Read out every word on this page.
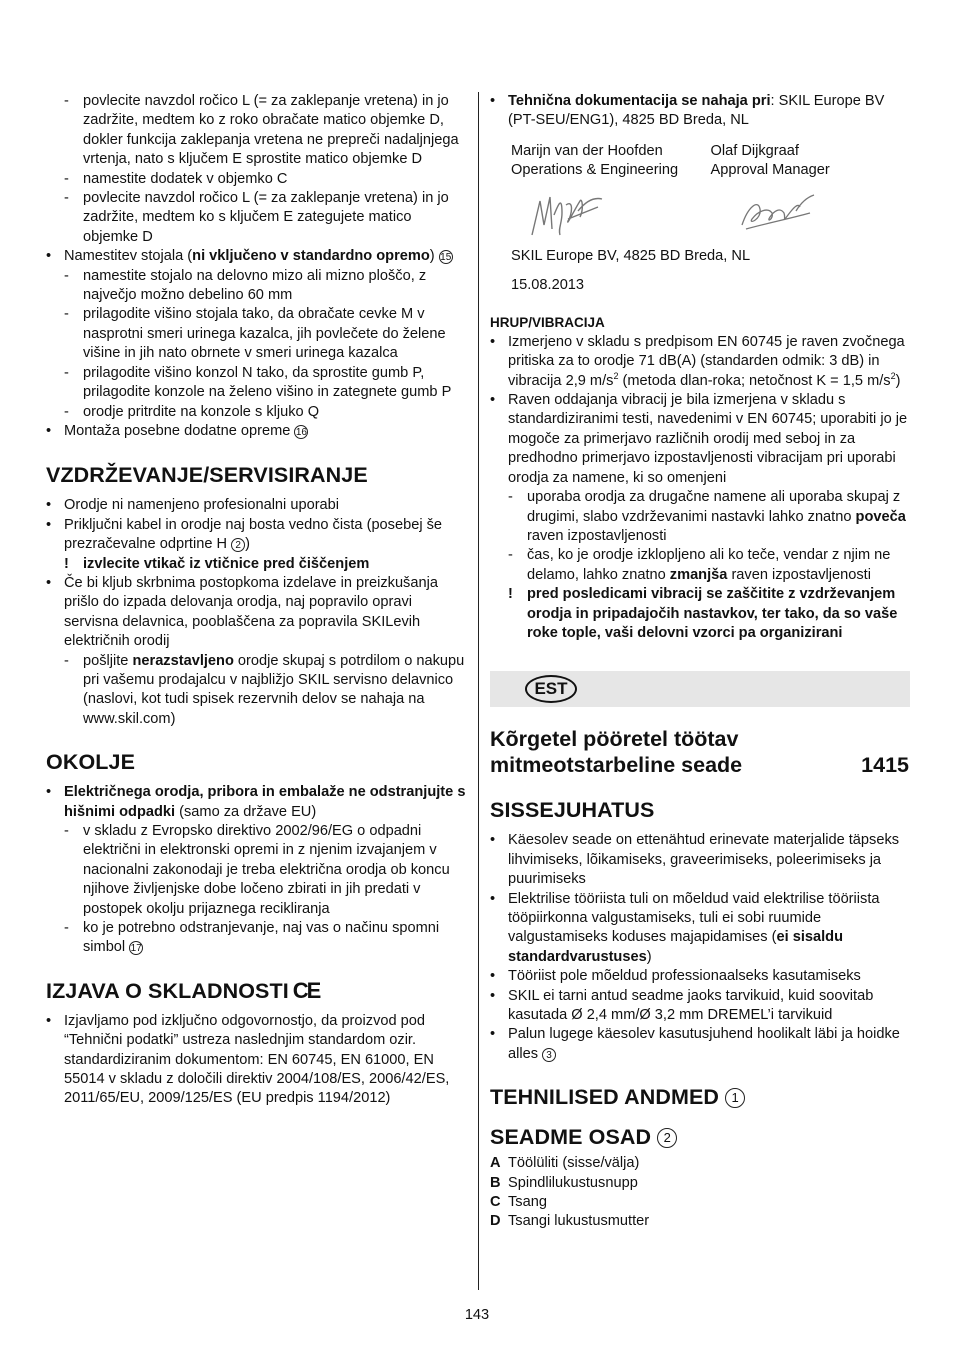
- povlecite navzdol ročico L (= za zaklepanje vretena) in jo zadržite, medtem ko z roko obračate matico objemke D, dokler funkcija zaklepanja vretena ne prepreči nadaljnjega vrtenja, nato s ključem E sprostite matico objemke D
- namestite dodatek v objemko C
- povlecite navzdol ročico L (= za zaklepanje vretena) in jo zadržite, medtem ko s ključem E zategujete matico objemke D
• Namestitev stojala (ni vključeno v standardno opremo) 15
- namestite stojalo na delovno mizo ali mizno ploščo, z največjo možno debelino 60 mm
- prilagodite višino stojala tako, da obračate cevke M v nasprotni smeri urinega kazalca, jih povlečete do želene višine in jih nato obrnete v smeri urinega kazalca
- prilagodite višino konzol N tako, da sprostite gumb P, prilagodite konzole na želeno višino in zategnete gumb P
- orodje pritrdite na konzole s kljuko Q
• Montaža posebne dodatne opreme 16
VZDRŽEVANJE/SERVISIRANJE
• Orodje ni namenjeno profesionalni uporabi
• Priključni kabel in orodje naj bosta vedno čista (posebej še prezračevalne odprtine H 2 )
! izvlecite vtikač iz vtičnice pred čiščenjem
• Če bi kljub skrbnima postopkoma izdelave in preizkušanja prišlo do izpada delovanja orodja, naj popravilo opravi servisna delavnica, pooblaščena za popravila SKILevih električnih orodij
- pošljite nerazstavljeno orodje skupaj s potrdilom o nakupu pri vašemu prodajalcu v najbližjo SKIL servisno delavnico (naslovi, kot tudi spisek rezervnih delov se nahaja na www.skil.com)
OKOLJE
• Električnega orodja, pribora in embalaže ne odstranjujte s hišnimi odpadki (samo za države EU)
- v skladu z Evropsko direktivo 2002/96/EG o odpadni električni in elektronski opremi in z njenim izvajanjem v nacionalni zakonodaji je treba električna orodja ob koncu njihove življenjske dobe ločeno zbirati in jih predati v postopek okolju prijaznega recikliranja
- ko je potrebno odstranjevanje, naj vas o načinu spomni simbol 17
IZJAVA O SKLADNOSTI CE
• Izjavljamo pod izključno odgovornostjo, da proizvod pod “Tehnični podatki” ustreza naslednjim standardom ozir. standardiziranim dokumentom: EN 60745, EN 61000, EN 55014 v skladu z določili direktiv 2004/108/ES, 2006/42/ES, 2011/65/EU, 2009/125/ES (EU predpis 1194/2012)
• Tehnična dokumentacija se nahaja pri: SKIL Europe BV (PT-SEU/ENG1), 4825 BD Breda, NL
Marijn van der Hoofden
Operations & Engineering
Olaf Dijkgraaf
Approval Manager
SKIL Europe BV, 4825 BD Breda, NL
15.08.2013
HRUP/VIBRACIJA
• Izmerjeno v skladu s predpisom EN 60745 je raven zvočnega pritiska za to orodje 71 dB(A) (standarden odmik: 3 dB) in vibracija 2,9 $m/s^2$ (metoda dlan-roka; netočnost K = 1,5 $m/s^2$)
• Raven oddajanja vibracij je bila izmerjena v skladu s standardiziranimi testi, navedenimi v EN 60745; uporabiti jo je mogoče za primerjavo različnih orodij med seboj in za predhodno primerjavo izpostavljenosti vibracijam pri uporabi orodja za namene, ki so omenjeni
- uporaba orodja za drugačne namene ali uporaba skupaj z drugimi, slabo vzdrževanimi nastavki lahko znatno poveča raven izpostavljenosti
- čas, ko je orodje izklopljeno ali ko teče, vendar z njim ne delamo, lahko znatno zmanjša raven izpostavljenosti
! pred posledicami vibracij se zaščitite z vzdrževanjem orodja in pripadajočih nastavkov, ter tako, da so vaše roke tople, vaši delovni vzorci pa organizirani
EST
Kõrgetel pööretel töötav
mitmeotstarbeline seade	1415
SISSEJUHATUS
• Käesolev seade on ettenähtud erinevate materjalide täpseks lihvimiseks, lõikamiseks, graveerimiseks, poleerimiseks ja puurimiseks
• Elektrilise tööriista tuli on mõeldud vaid elektrilise tööriista tööpiirkonna valgustamiseks, tuli ei sobi ruumide valgustamiseks koduses majapidamises (ei sisaldu standardvarustuses)
• Tööriist pole mõeldud professionaalseks kasutamiseks
• SKIL ei tarni antud seadme jaoks tarvikuid, kuid soovitab kasutada Ø 2,4 mm/Ø 3,2 mm DREMEL’i tarvikuid
• Palun lugege käesolev kasutusjuhend hoolikalt läbi ja hoidke alles 3
TEHNILISED ANDMED 1
SEADME OSAD 2
A Töölüliti (sisse/välja)
B Spindlilukustusnupp
C Tsang
D Tsangi lukustusmutter
143
